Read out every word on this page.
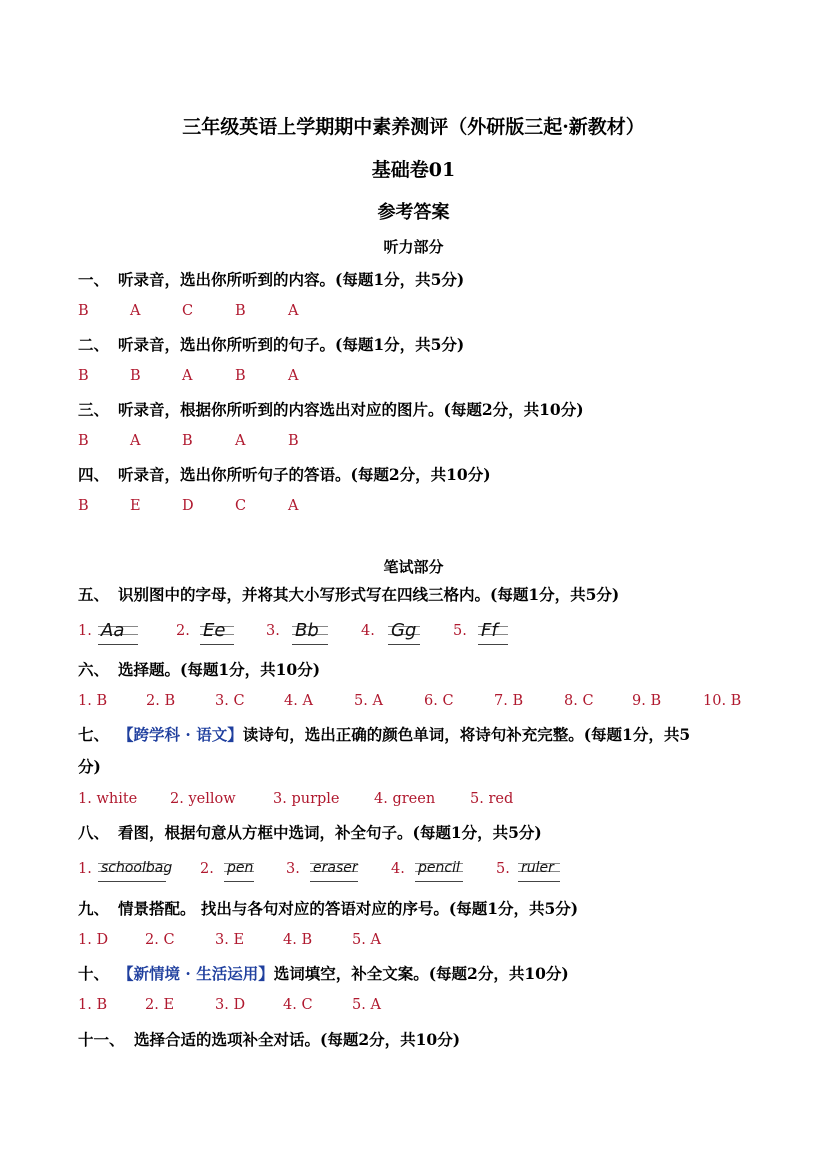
三年级英语上学期期中素养测评（外研版三起·新教材）
基础卷01
参考答案
听力部分
一、 听录音，选出你所听到的内容。(每题1分，共5分)
B	A	C	B	A
二、 听录音，选出你所听到的句子。(每题1分，共5分)
B	B	A	B	A
三、 听录音，根据你所听到的内容选出对应的图片。(每题2分，共10分)
B	A	B	A	B
四、 听录音，选出你所听句子的答语。(每题2分，共10分)
B	E	D	C	A
笔试部分
五、 识别图中的字母，并将其大小写形式写在四线三格内。(每题1分，共5分)
1. Aa	2. Ee	3. Bb	4. Gg	5. Ff
六、 选择题。(每题1分，共10分)
1. B	2. B	3. C	4. A	5. A	6. C	7. B	8. C	9. B	10. B
七、 【跨学科 · 语文】读诗句，选出正确的颜色单词，将诗句补充完整。(每题1分，共5
分)
1. white 2. yellow	3. purple 4. green 5. red
八、 看图，根据句意从方框中选词，补全句子。(每题1分，共5分)
1. schoolbag 2. pen 3. eraser 4. pencil 5. ruler
九、 情景搭配。 找出与各句对应的答语对应的序号。(每题1分，共5分)
1. D	2. C	3. E	4. B	5. A
十、 【新情境 · 生活运用】选词填空，补全文案。(每题2分，共10分)
1. B	2. E	3. D	4. C	5. A
十一、 选择合适的选项补全对话。(每题2分，共10分)
